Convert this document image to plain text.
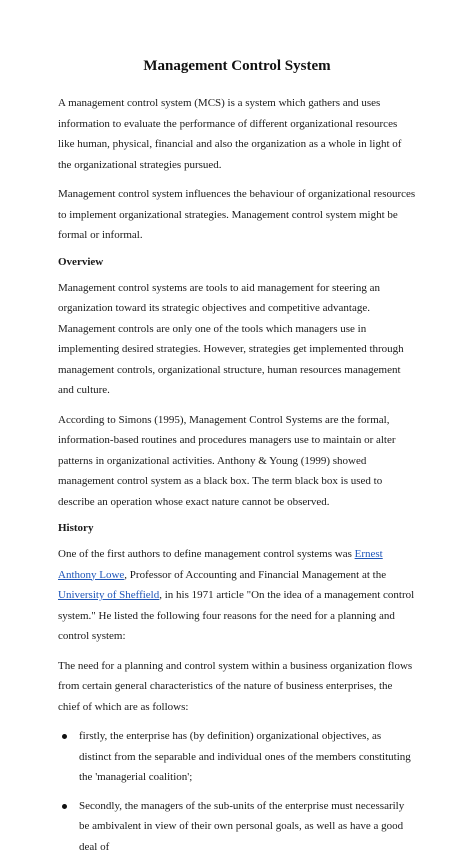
Management Control System

A management control system (MCS) is a system which gathers and uses information to evaluate the performance of different organizational resources like human, physical, financial and also the organization as a whole in light of the organizational strategies pursued.

Management control system influences the behaviour of organizational resources to implement organizational strategies. Management control system might be formal or informal.

Overview

Management control systems are tools to aid management for steering an organization toward its strategic objectives and competitive advantage. Management controls are only one of the tools which managers use in implementing desired strategies. However, strategies get implemented through management controls, organizational structure, human resources management and culture.

According to Simons (1995), Management Control Systems are the formal, information-based routines and procedures managers use to maintain or alter patterns in organizational activities. Anthony & Young (1999) showed management control system as a black box. The term black box is used to describe an operation whose exact nature cannot be observed.

History

One of the first authors to define management control systems was Ernest Anthony Lowe, Professor of Accounting and Financial Management at the University of Sheffield, in his 1971 article "On the idea of a management control system." He listed the following four reasons for the need for a planning and control system:

The need for a planning and control system within a business organization flows from certain general characteristics of the nature of business enterprises, the chief of which are as follows:

firstly, the enterprise has (by definition) organizational objectives, as distinct from the separable and individual ones of the members constituting the 'managerial coalition';
Secondly, the managers of the sub-units of the enterprise must necessarily be ambivalent in view of their own personal goals, as well as have a good deal of
